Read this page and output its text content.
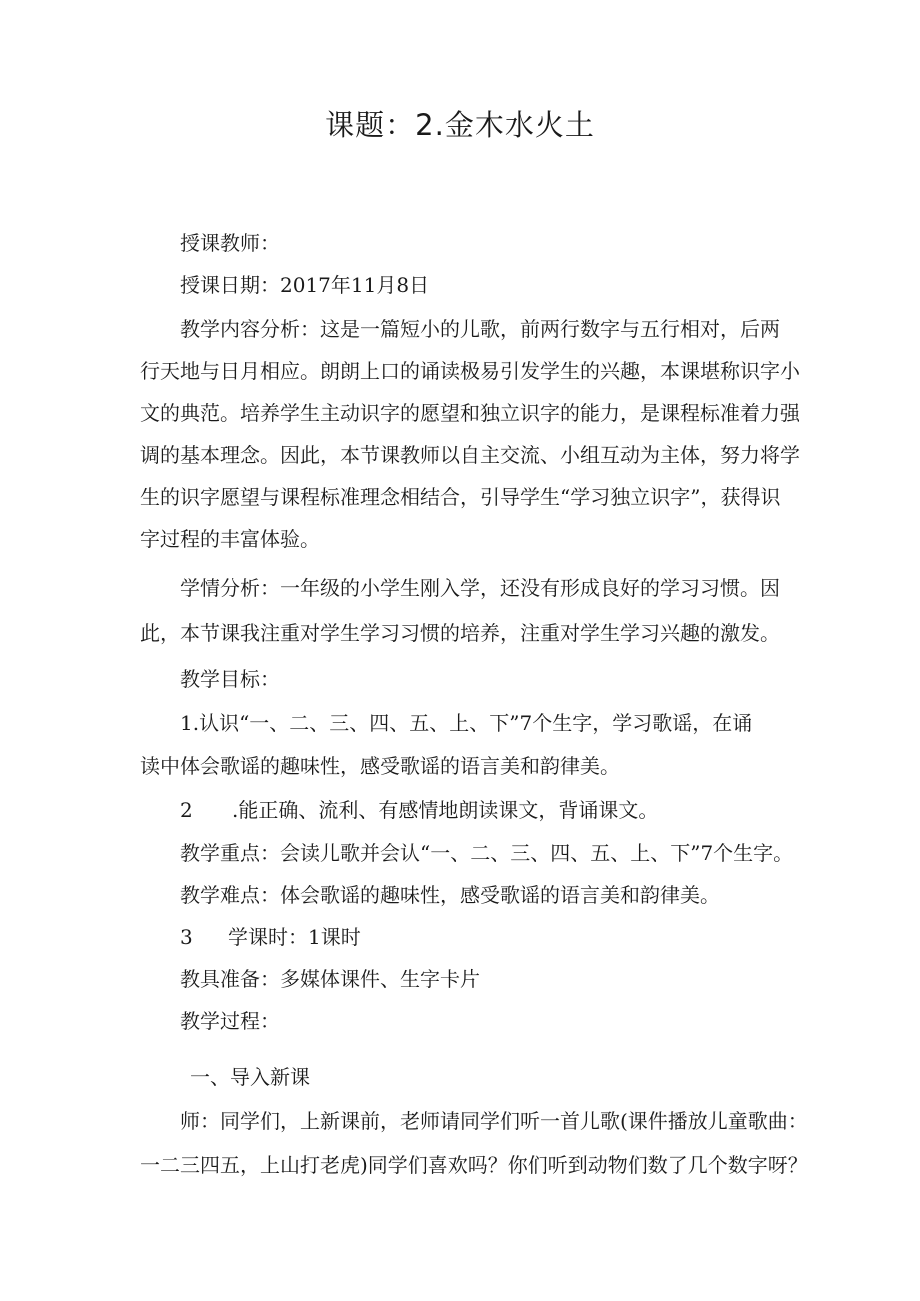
课题：2.金木水火土
授课教师：
授课日期：2017年11月8日
教学内容分析：这是一篇短小的儿歌，前两行数字与五行相对，后两
行天地与日月相应。朗朗上口的诵读极易引发学生的兴趣，本课堪称识字小
文的典范。培养学生主动识字的愿望和独立识字的能力，是课程标准着力强
调的基本理念。因此，本节课教师以自主交流、小组互动为主体，努力将学
生的识字愿望与课程标准理念相结合，引导学生“学习独立识字”，获得识
字过程的丰富体验。
学情分析：一年级的小学生刚入学，还没有形成良好的学习习惯。因
此，本节课我注重对学生学习习惯的培养，注重对学生学习兴趣的激发。
教学目标：
1.认识“一、二、三、四、五、上、下”7个生字，学习歌谣，在诵
读中体会歌谣的趣味性，感受歌谣的语言美和韵律美。
2 .能正确、流利、有感情地朗读课文，背诵课文。
教学重点：会读儿歌并会认“一、二、三、四、五、上、下”7个生字。
教学难点：体会歌谣的趣味性，感受歌谣的语言美和韵律美。
3 学课时：1课时
教具准备：多媒体课件、生字卡片
教学过程：
一、导入新课
师：同学们，上新课前，老师请同学们听一首儿歌(课件播放儿童歌曲：
一二三四五，上山打老虎)同学们喜欢吗？你们听到动物们数了几个数字呀？
